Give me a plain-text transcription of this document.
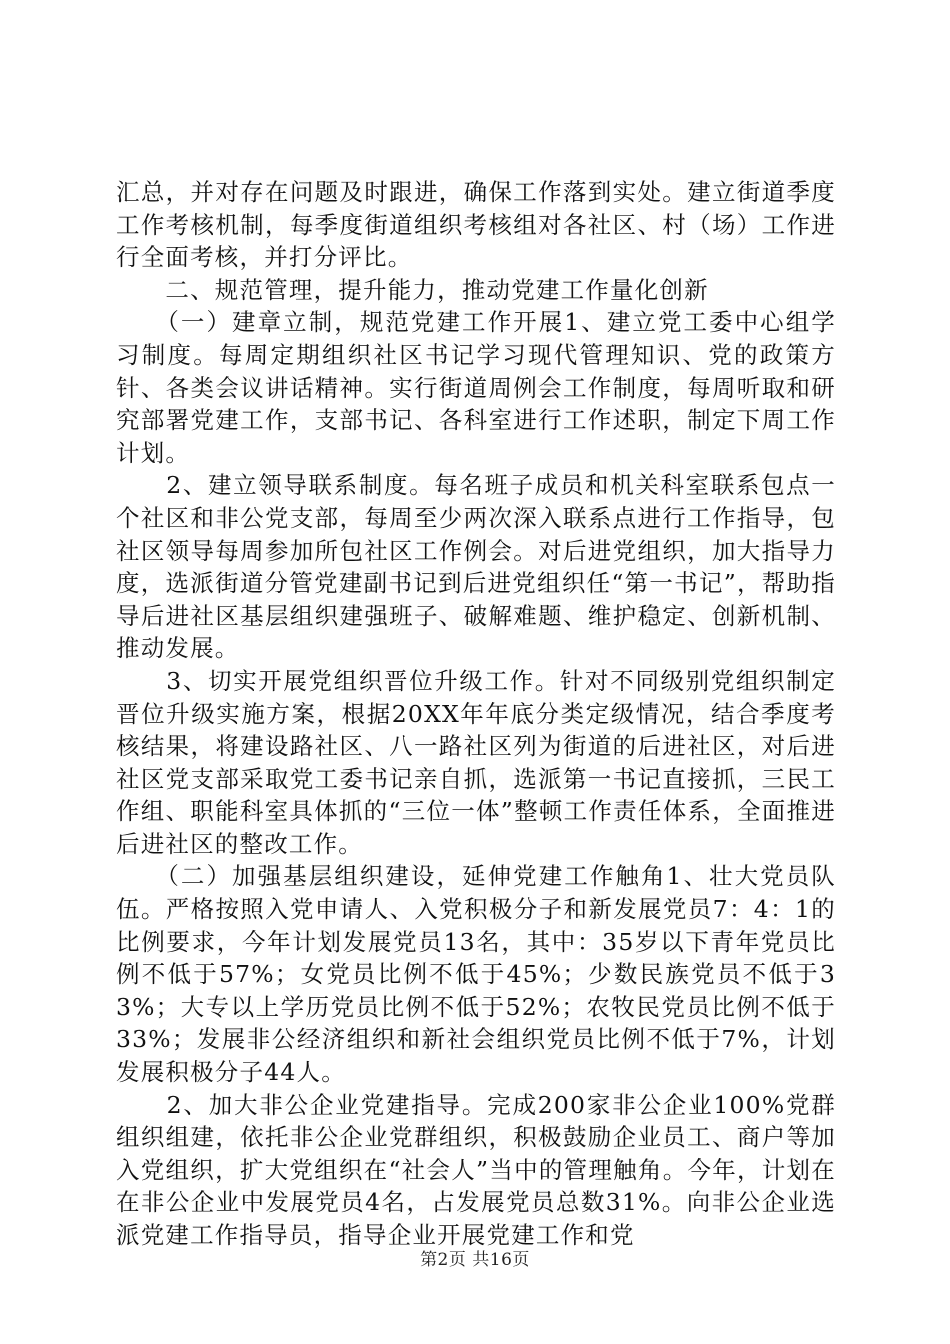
汇总，并对存在问题及时跟进，确保工作落到实处。建立街道季度工作考核机制，每季度街道组织考核组对各社区、村（场）工作进行全面考核，并打分评比。

　　二、规范管理，提升能力，推动党建工作量化创新

　　（一）建章立制，规范党建工作开展1、建立党工委中心组学习制度。每周定期组织社区书记学习现代管理知识、党的政策方针、各类会议讲话精神。实行街道周例会工作制度，每周听取和研究部署党建工作，支部书记、各科室进行工作述职，制定下周工作计划。

　　2、建立领导联系制度。每名班子成员和机关科室联系包点一个社区和非公党支部，每周至少两次深入联系点进行工作指导，包社区领导每周参加所包社区工作例会。对后进党组织，加大指导力度，选派街道分管党建副书记到后进党组织任“第一书记”，帮助指导后进社区基层组织建强班子、破解难题、维护稳定、创新机制、推动发展。

　　3、切实开展党组织晋位升级工作。针对不同级别党组织制定晋位升级实施方案，根据20XX年年底分类定级情况，结合季度考核结果，将建设路社区、八一路社区列为街道的后进社区，对后进社区党支部采取党工委书记亲自抓，选派第一书记直接抓，三民工作组、职能科室具体抓的“三位一体”整顿工作责任体系，全面推进后进社区的整改工作。

　　（二）加强基层组织建设，延伸党建工作触角1、壮大党员队伍。严格按照入党申请人、入党积极分子和新发展党员7：4：1的比例要求，今年计划发展党员13名，其中：35岁以下青年党员比例不低于57%；女党员比例不低于45%；少数民族党员不低于33%；大专以上学历党员比例不低于52%；农牧民党员比例不低于33%；发展非公经济组织和新社会组织党员比例不低于7%，计划发展积极分子44人。

　　2、加大非公企业党建指导。完成200家非公企业100%党群组织组建，依托非公企业党群组织，积极鼓励企业员工、商户等加入党组织，扩大党组织在“社会人”当中的管理触角。今年，计划在在非公企业中发展党员4名，占发展党员总数31%。向非公企业选派党建工作指导员，指导企业开展党建工作和党

第2页 共16页
